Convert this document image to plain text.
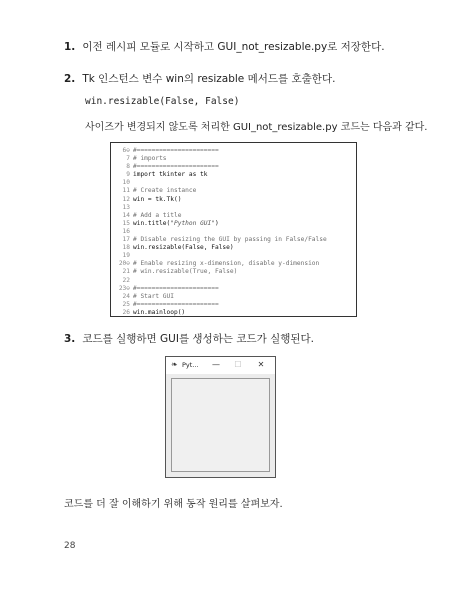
1. 이전 레시피 모듈로 시작하고 GUI_not_resizable.py로 저장한다.
2. Tk 인스턴스 변수 win의 resizable 메서드를 호출한다.
win.resizable(False, False)
사이즈가 변경되지 않도록 처리한 GUI_not_resizable.py 코드는 다음과 같다.
6⊖ #======================
7 # imports
8 #======================
9 import tkinter as tk
10
11 # Create instance
12 win = tk.Tk()
13
14 # Add a title
15 win.title("Python GUI")
16
17 # Disable resizing the GUI by passing in False/False
18 win.resizable(False, False)
19
20⊖ # Enable resizing x-dimension, disable y-dimension
21 # win.resizable(True, False)
22
23⊖ #======================
24 # Start GUI
25 #======================
26 win.mainloop()
3. 코드를 실행하면 GUI를 생성하는 코드가 실행된다.
❧ Pyt...	—	☐	✕
코드를 더 잘 이해하기 위해 동작 원리를 살펴보자.
28
